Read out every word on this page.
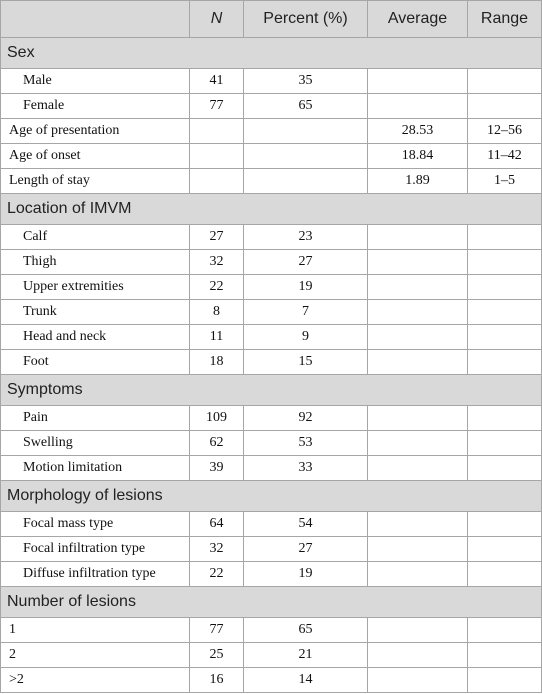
	N	Percent (%)	Average	Range
Sex				
Male	41	35		
Female	77	65		
Age of presentation			28.53	12–56
Age of onset			18.84	11–42
Length of stay			1.89	1–5
Location of IMVM				
Calf	27	23		
Thigh	32	27		
Upper extremities	22	19		
Trunk	8	7		
Head and neck	11	9		
Foot	18	15		
Symptoms				
Pain	109	92		
Swelling	62	53		
Motion limitation	39	33		
Morphology of lesions				
Focal mass type	64	54		
Focal infiltration type	32	27		
Diffuse infiltration type	22	19		
Number of lesions				
1	77	65		
2	25	21		
>2	16	14		
